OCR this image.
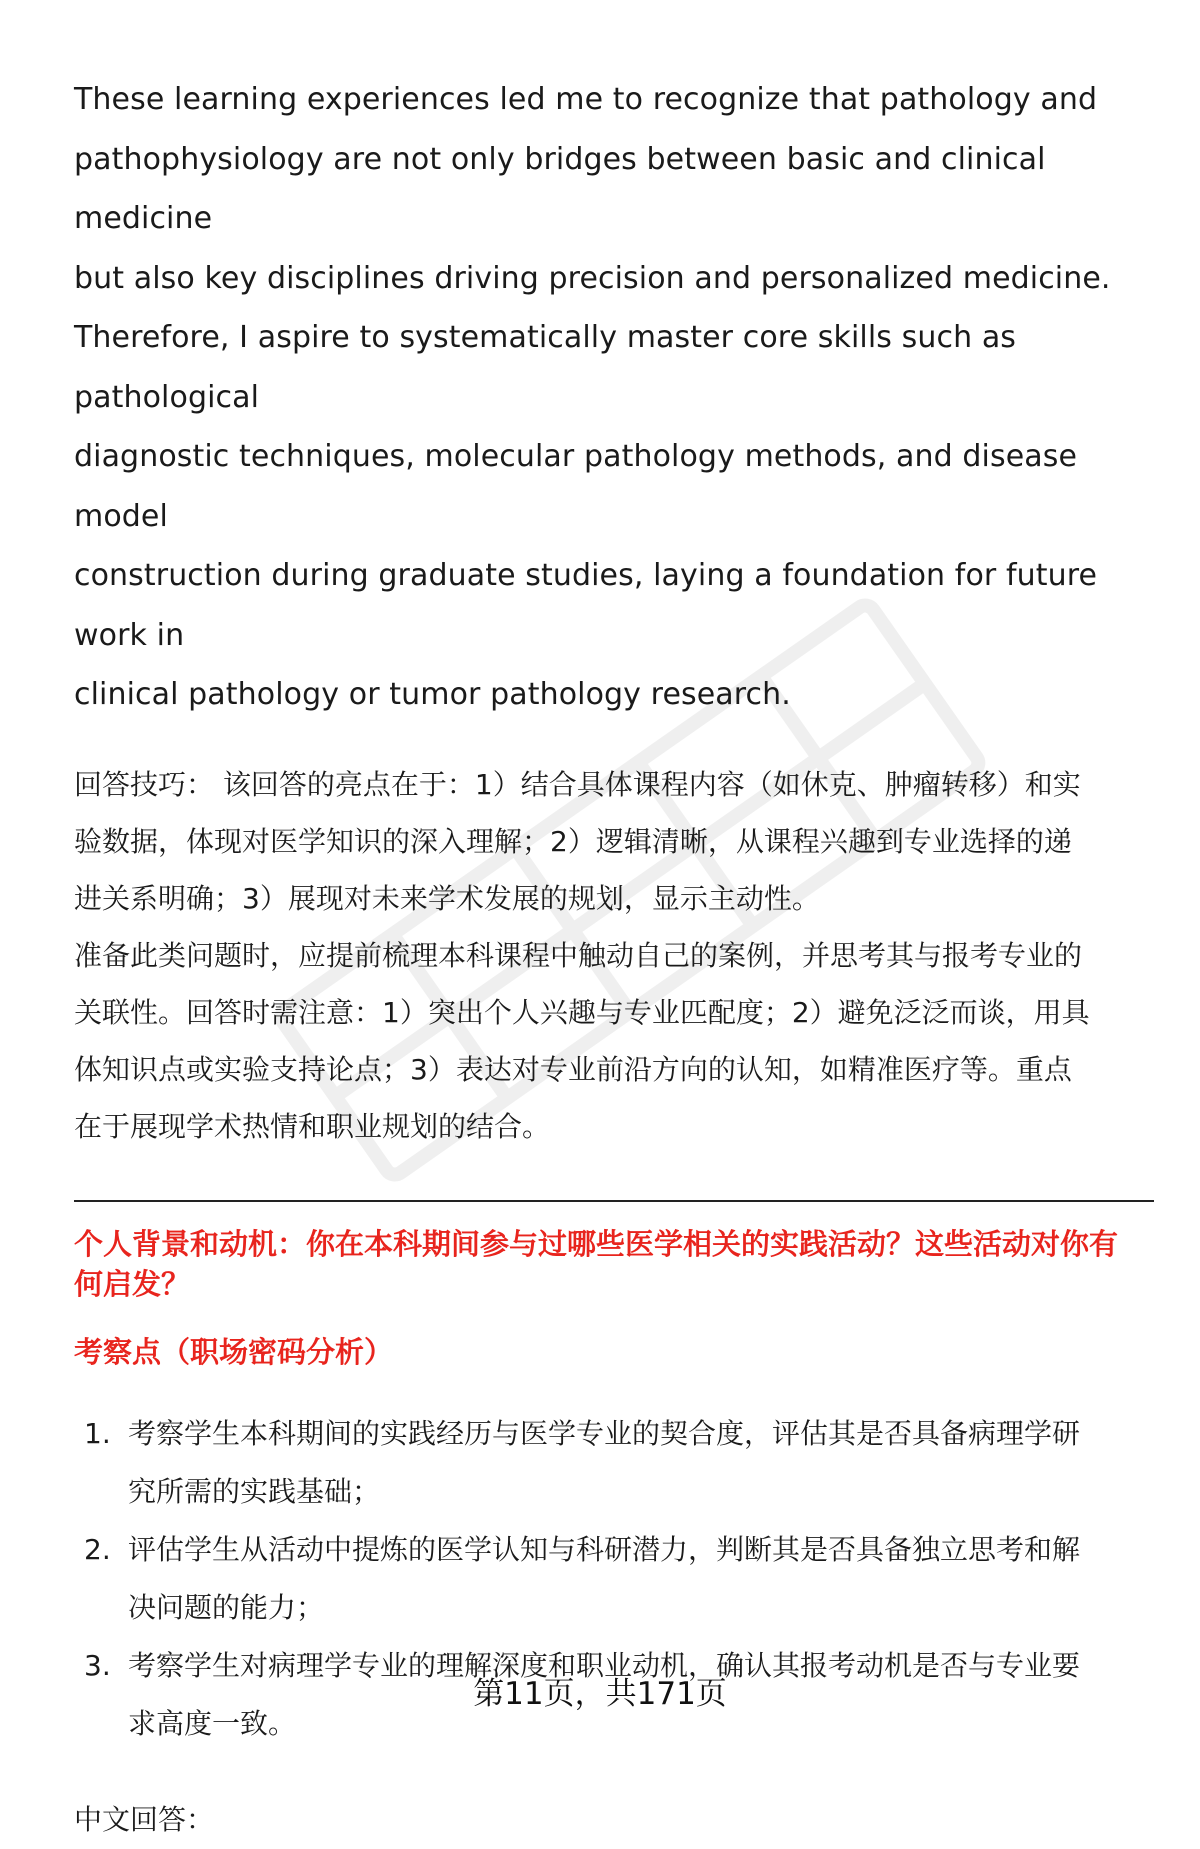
These learning experiences led me to recognize that pathology and

pathophysiology are not only bridges between basic and clinical medicine

but also key disciplines driving precision and personalized medicine.

Therefore, I aspire to systematically master core skills such as pathological

diagnostic techniques, molecular pathology methods, and disease model

construction during graduate studies, laying a foundation for future work in

clinical pathology or tumor pathology research.

回答技巧： 该回答的亮点在于：1）结合具体课程内容（如休克、肿瘤转移）和实

验数据，体现对医学知识的深入理解；2）逻辑清晰，从课程兴趣到专业选择的递

进关系明确；3）展现对未来学术发展的规划，显示主动性。

准备此类问题时，应提前梳理本科课程中触动自己的案例，并思考其与报考专业的

关联性。回答时需注意：1）突出个人兴趣与专业匹配度；2）避免泛泛而谈，用具

体知识点或实验支持论点；3）表达对专业前沿方向的认知，如精准医疗等。重点

在于展现学术热情和职业规划的结合。

个人背景和动机：你在本科期间参与过哪些医学相关的实践活动？这些活动对你有
何启发？

考察点（职场密码分析）

1. 考察学生本科期间的实践经历与医学专业的契合度，评估其是否具备病理学研
究所需的实践基础；
2. 评估学生从活动中提炼的医学认知与科研潜力，判断其是否具备独立思考和解
决问题的能力；
3. 考察学生对病理学专业的理解深度和职业动机，确认其报考动机是否与专业要
求高度一致。

中文回答：

第11页，共171页
